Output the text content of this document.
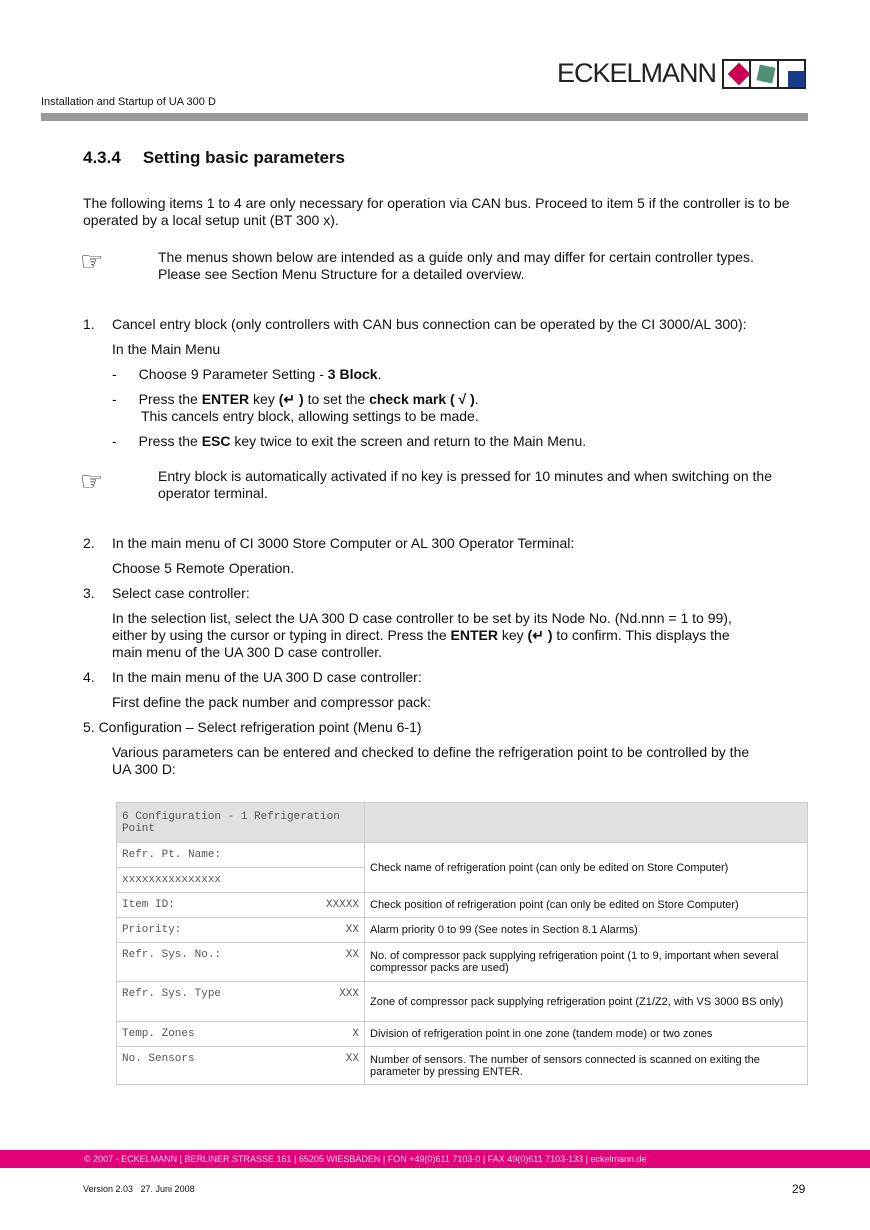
ECKELMANN
Installation and Startup of UA 300 D
4.3.4 Setting basic parameters

The following items 1 to 4 are only necessary for operation via CAN bus. Proceed to item 5 if the controller is to be operated by a local setup unit (BT 300 x).

☞	The menus shown below are intended as a guide only and may differ for certain controller types. Please see Section Menu Structure for a detailed overview.

1. Cancel entry block (only controllers with CAN bus connection can be operated by the CI 3000/AL 300):
In the Main Menu
- Choose 9 Parameter Setting - 3 Block.
- Press the ENTER key (↵ ) to set the check mark ( √ ).
This cancels entry block, allowing settings to be made.
- Press the ESC key twice to exit the screen and return to the Main Menu.
☞	Entry block is automatically activated if no key is pressed for 10 minutes and when switching on the operator terminal.

2. In the main menu of CI 3000 Store Computer or AL 300 Operator Terminal:
Choose 5 Remote Operation.
3. Select case controller:
In the selection list, select the UA 300 D case controller to be set by its Node No. (Nd.nnn = 1 to 99), either by using the cursor or typing in direct. Press the ENTER key (↵ ) to confirm. This displays the main menu of the UA 300 D case controller.
4. In the main menu of the UA 300 D case controller:
First define the pack number and compressor pack:
5. Configuration – Select refrigeration point (Menu 6-1)
Various parameters can be entered and checked to define the refrigeration point to be controlled by the UA 300 D:
6 Configuration - 1 Refrigeration Point	
Refr. Pt. Name:	Check name of refrigeration point (can only be edited on Store Computer)
xxxxxxxxxxxxxxx	
Item ID: XXXXX	Check position of refrigeration point (can only be edited on Store Computer)
Priority: XX	Alarm priority 0 to 99 (See notes in Section 8.1 Alarms)
Refr. Sys. No.: XX	No. of compressor pack supplying refrigeration point (1 to 9, important when several compressor packs are used)
Refr. Sys. Type XXX	Zone of compressor pack supplying refrigeration point (Z1/Z2, with VS 3000 BS only)
Temp. Zones X	Division of refrigeration point in one zone (tandem mode) or two zones
No. Sensors XX	Number of sensors. The number of sensors connected is scanned on exiting the parameter by pressing ENTER.
© 2007 - ECKELMANN | BERLINER STRASSE 161 | 65205 WIESBADEN | FON +49(0)611 7103-0 | FAX 49(0)611 7103-133 | eckelmann.de
Version 2.03   27. Juni 2008	29
